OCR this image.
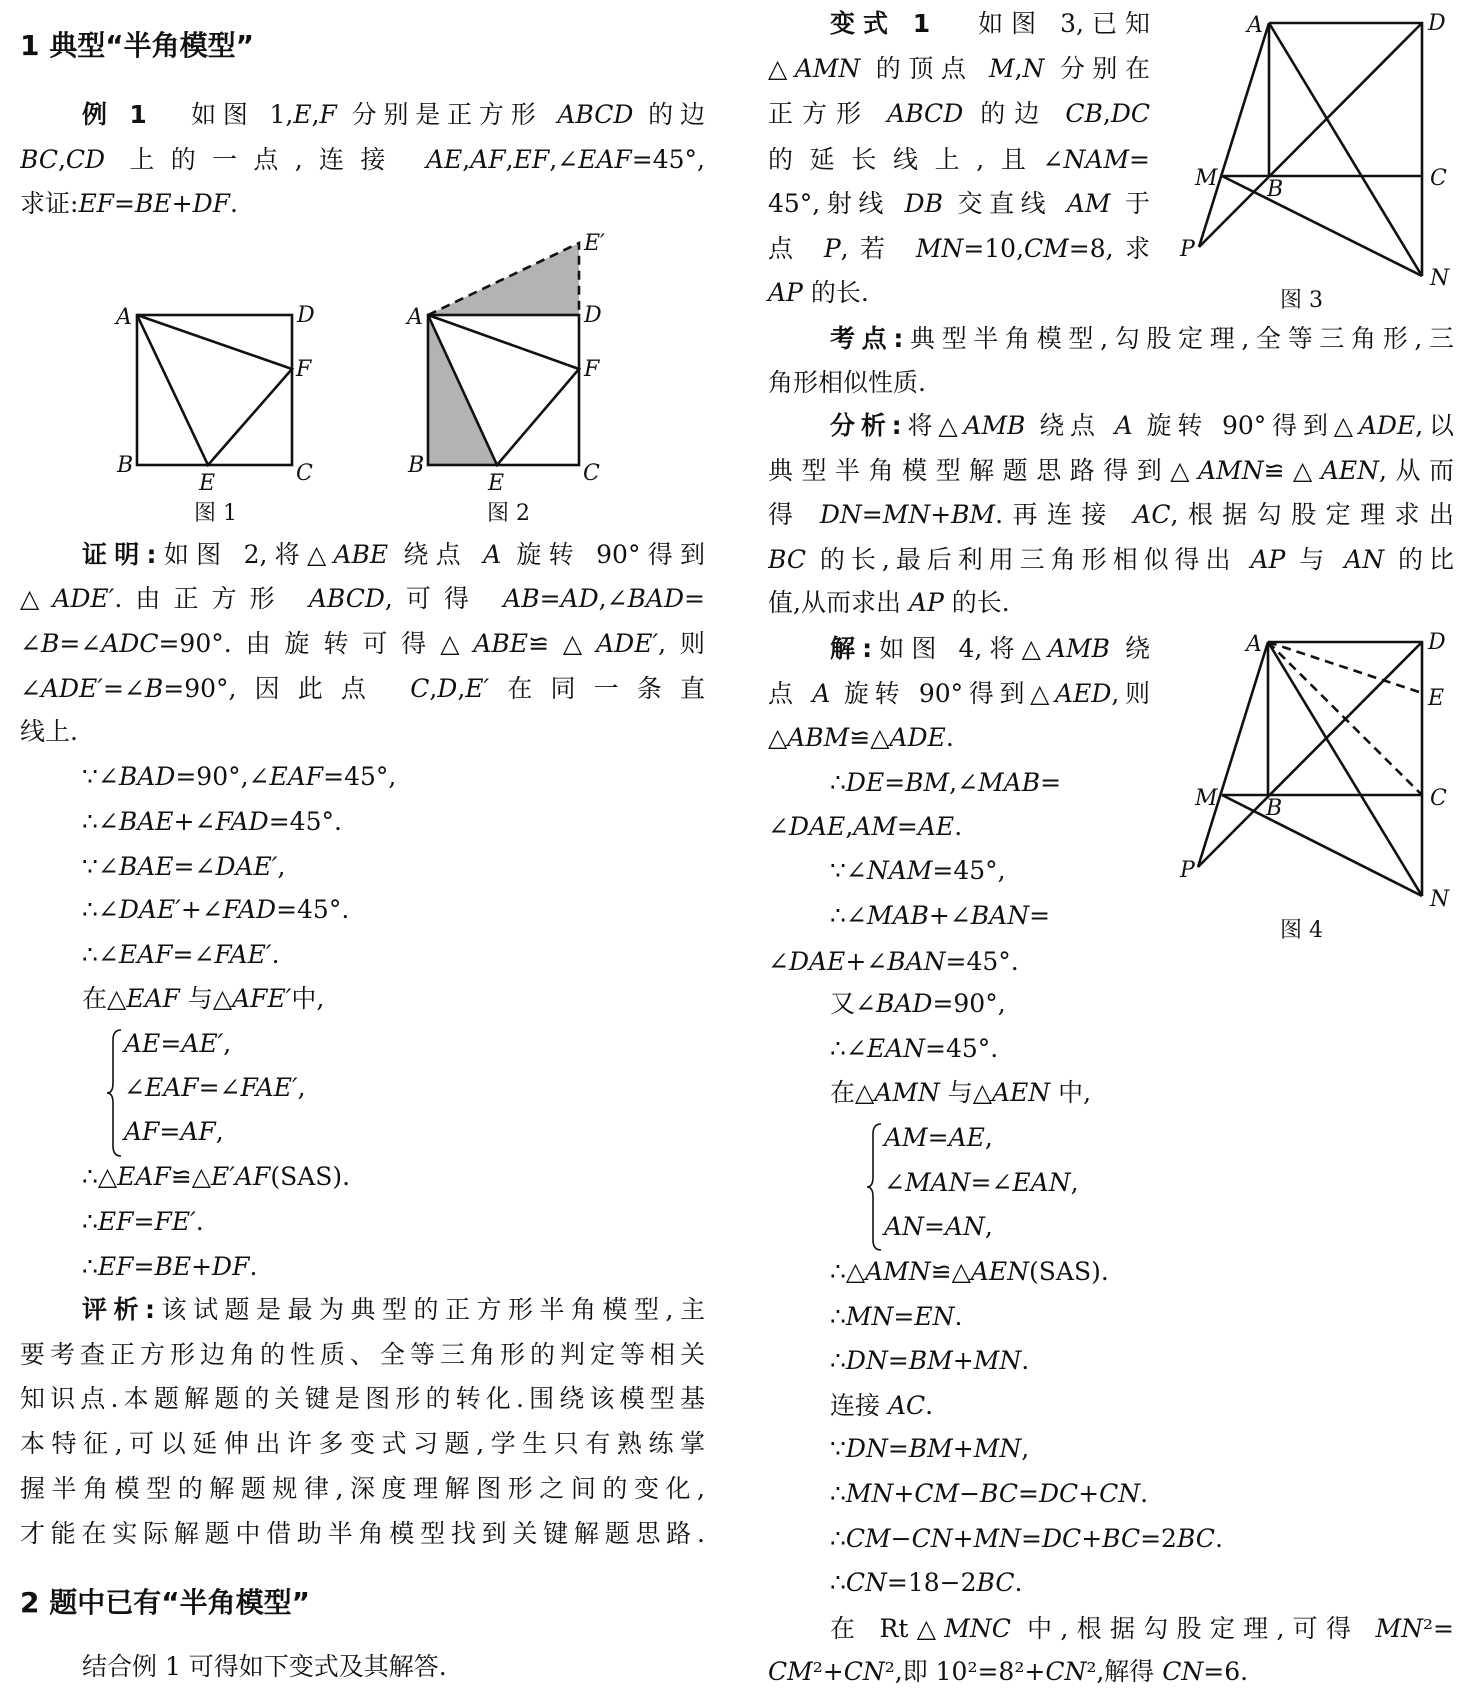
1 典型“半角模型”
例 1 如图 1,E,F 分别是正方形 ABCD 的边
BC,CD 上的一点,连接 AE,AF,EF,∠EAF=45°,
求证:EF=BE+DF.
证明:如图 2,将△ABE 绕点 A 旋转 90°得到
△ADE′.由正方形 ABCD,可得 AB=AD,∠BAD=
∠B=∠ADC=90°.由旋转可得△ABE≌△ADE′,则
∠ADE′=∠B=90°,因此点 C,D,E′在同一条直
线上.
∵∠BAD=90°,∠EAF=45°,
∴∠BAE+∠FAD=45°.
∵∠BAE=∠DAE′,
∴∠DAE′+∠FAD=45°.
∴∠EAF=∠FAE′.
在△EAF 与△AFE′中,
AE=AE′,
∠EAF=∠FAE′,
AF=AF,
∴△EAF≌△E′AF(SAS).
∴EF=FE′.
∴EF=BE+DF.
评析:该试题是最为典型的正方形半角模型,主
要考查正方形边角的性质、全等三角形的判定等相关
知识点.本题解题的关键是图形的转化.围绕该模型基
本特征,可以延伸出许多变式习题,学生只有熟练掌
握半角模型的解题规律,深度理解图形之间的变化,
才能在实际解题中借助半角模型找到关键解题思路.
2 题中已有“半角模型”
结合例 1 可得如下变式及其解答.
变式 1 如图 3,已知
△AMN 的顶点 M,N 分别在
正方形 ABCD 的边 CB,DC
的延长线上,且∠NAM=
45°,射线 DB 交直线 AM 于
点 P,若 MN=10,CM=8,求
AP 的长.
考点:典型半角模型,勾股定理,全等三角形,三
角形相似性质.
分析:将△AMB 绕点 A 旋转 90°得到△ADE,以
典型半角模型解题思路得到△AMN≌△AEN,从而
得 DN=MN+BM.再连接 AC,根据勾股定理求出
BC 的长,最后利用三角形相似得出 AP 与 AN 的比
值,从而求出 AP 的长.
解:如图 4,将△AMB 绕
点 A 旋转 90°得到△AED,则
△ABM≌△ADE.
∴DE=BM,∠MAB=
∠DAE,AM=AE.
∵∠NAM=45°,
∴∠MAB+∠BAN=
∠DAE+∠BAN=45°.
又∠BAD=90°,
∴∠EAN=45°.
在△AMN 与△AEN 中,
AM=AE,
∠MAN=∠EAN,
AN=AN,
∴△AMN≌△AEN(SAS).
∴MN=EN.
∴DN=BM+MN.
连接 AC.
∵DN=BM+MN,
∴MN+CM−BC=DC+CN.
∴CM−CN+MN=DC+BC=2BC.
∴CN=18−2BC.
在 Rt△MNC 中,根据勾股定理,可得 MN²=
CM²+CN²,即 10²=8²+CN²,解得 CN=6.
A	D
F
B
E	C
图 1
A	D
E′
F
B
E	C
图 2
A	D
M B	C
P
N
图 3
A	D
E
M B	C
P
N
图 4
